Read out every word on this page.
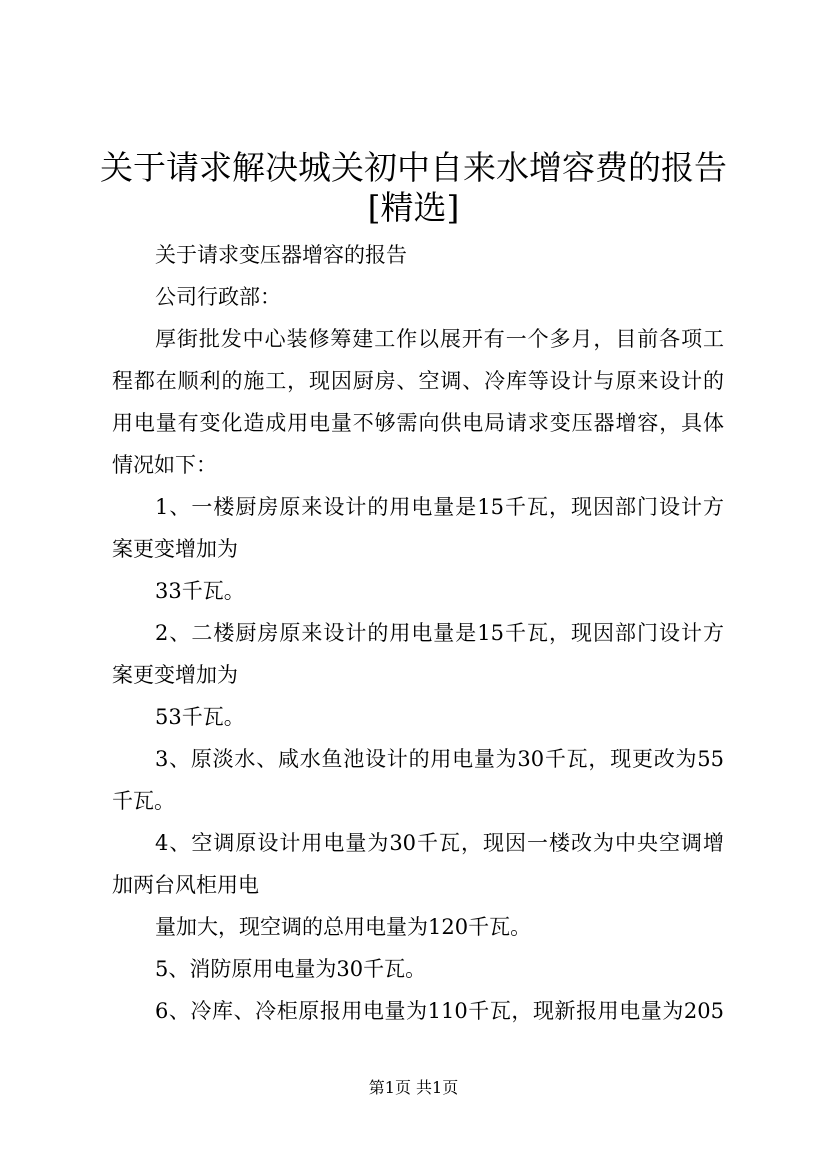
关于请求解决城关初中自来水增容费的报告
[精选]

关于请求变压器增容的报告

公司行政部：

厚街批发中心装修筹建工作以展开有一个多月，目前各项工

程都在顺利的施工，现因厨房、空调、冷库等设计与原来设计的

用电量有变化造成用电量不够需向供电局请求变压器增容，具体

情况如下：

1、一楼厨房原来设计的用电量是15千瓦，现因部门设计方

案更变增加为

33千瓦。

2、二楼厨房原来设计的用电量是15千瓦，现因部门设计方

案更变增加为

53千瓦。

3、原淡水、咸水鱼池设计的用电量为30千瓦，现更改为55

千瓦。

4、空调原设计用电量为30千瓦，现因一楼改为中央空调增

加两台风柜用电

量加大，现空调的总用电量为120千瓦。

5、消防原用电量为30千瓦。

6、冷库、冷柜原报用电量为110千瓦，现新报用电量为205

第1页 共1页
